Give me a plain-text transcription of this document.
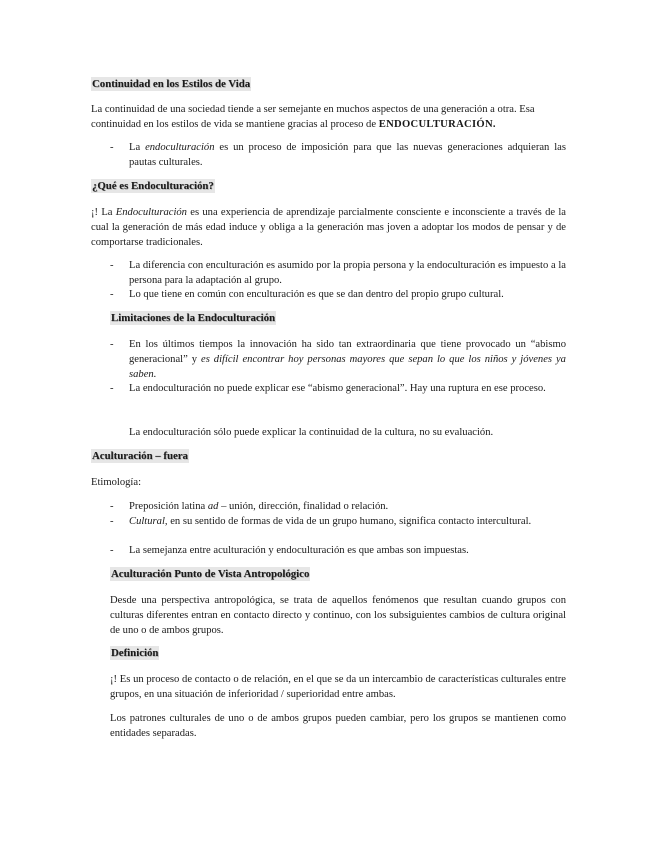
Continuidad en los Estilos de Vida
La continuidad de una sociedad tiende a ser semejante en muchos aspectos de una generación a otra. Esa continuidad en los estilos de vida se mantiene gracias al proceso de ENDOCULTURACIÓN.
- La endoculturación es un proceso de imposición para que las nuevas generaciones adquieran las pautas culturales.
¿Qué es Endoculturación?
¡! La Endoculturación es una experiencia de aprendizaje parcialmente consciente e inconsciente a través de la cual la generación de más edad induce y obliga a la generación mas joven a adoptar los modos de pensar y de comportarse tradicionales.
- La diferencia con enculturación es asumido por la propia persona y la endoculturación es impuesto a la persona para la adaptación al grupo.
- Lo que tiene en común con enculturación es que se dan dentro del propio grupo cultural.
Limitaciones de la Endoculturación
- En los últimos tiempos la innovación ha sido tan extraordinaria que tiene provocado un “abismo generacional” y es difícil encontrar hoy personas mayores que sepan lo que los niños y jóvenes ya saben.
- La endoculturación no puede explicar ese “abismo generacional”. Hay una ruptura en ese proceso.
La endoculturación sólo puede explicar la continuidad de la cultura, no su evaluación.
Aculturación – fuera
Etimología:
- Preposición latina ad – unión, dirección, finalidad o relación.
- Cultural, en su sentido de formas de vida de un grupo humano, significa contacto intercultural.
- La semejanza entre aculturación y endoculturación es que ambas son impuestas.
Aculturación Punto de Vista Antropológico
Desde una perspectiva antropológica, se trata de aquellos fenómenos que resultan cuando grupos con culturas diferentes entran en contacto directo y continuo, con los subsiguientes cambios de cultura original de uno o de ambos grupos.
Definición
¡! Es un proceso de contacto o de relación, en el que se da un intercambio de características culturales entre grupos, en una situación de inferioridad / superioridad entre ambas.
Los patrones culturales de uno o de ambos grupos pueden cambiar, pero los grupos se mantienen como entidades separadas.
